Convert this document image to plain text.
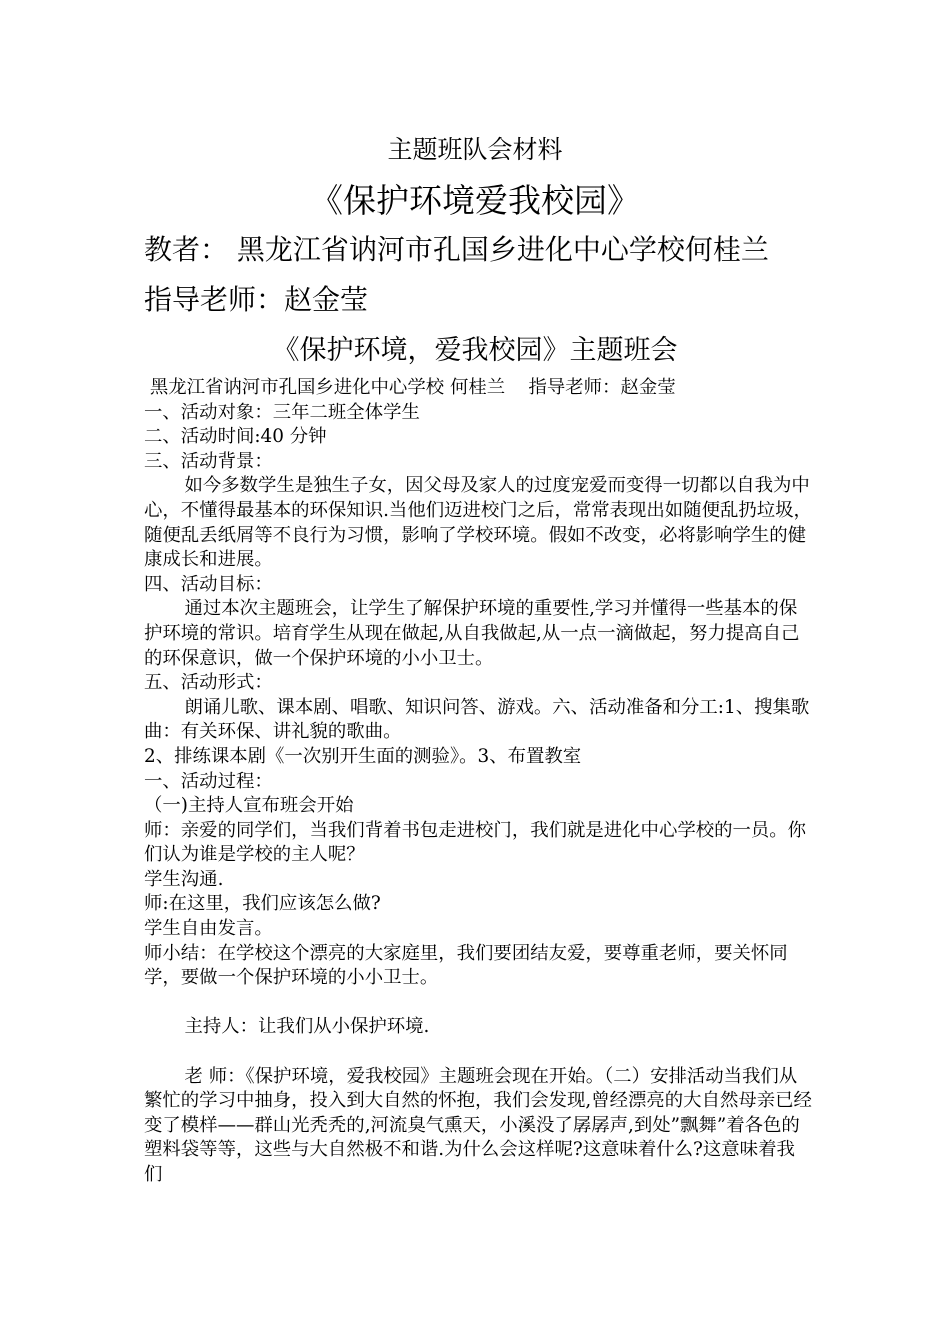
主题班队会材料
《保护环境爱我校园》
教者： 黑龙江省讷河市孔国乡进化中心学校何桂兰
指导老师：赵金莹
《保护环境，爱我校园》主题班会

黑龙江省讷河市孔国乡进化中心学校 何桂兰    指导老师：赵金莹

一、活动对象：三年二班全体学生

二、活动时间:40 分钟

三、活动背景：

如今多数学生是独生子女，因父母及家人的过度宠爱而变得一切都以自我为中心，不懂得最基本的环保知识.当他们迈进校门之后，常常表现出如随便乱扔垃圾，随便乱丢纸屑等不良行为习惯，影响了学校环境。假如不改变，必将影响学生的健康成长和进展。

四、活动目标：

通过本次主题班会，让学生了解保护环境的重要性,学习并懂得一些基本的保护环境的常识。培育学生从现在做起,从自我做起,从一点一滴做起，努力提高自己的环保意识，做一个保护环境的小小卫士。

五、活动形式：

朗诵儿歌、课本剧、唱歌、知识问答、游戏。六、活动准备和分工:1、搜集歌曲：有关环保、讲礼貌的歌曲。

2、排练课本剧《一次别开生面的测验》。3、布置教室

一、活动过程：

（一)主持人宣布班会开始

师：亲爱的同学们，当我们背着书包走进校门，我们就是进化中心学校的一员。你们认为谁是学校的主人呢？

学生沟通.

师:在这里，我们应该怎么做?

学生自由发言。

师小结：在学校这个漂亮的大家庭里，我们要团结友爱，要尊重老师，要关怀同学，要做一个保护环境的小小卫士。

主持人：让我们从小保护环境.

老 师：《保护环境，爱我校园》主题班会现在开始。（二）安排活动当我们从繁忙的学习中抽身，投入到大自然的怀抱，我们会发现,曾经漂亮的大自然母亲已经变了模样——群山光秃秃的,河流臭气熏天，小溪没了孱孱声,到处”飘舞”着各色的塑料袋等等，这些与大自然极不和谐.为什么会这样呢?这意味着什么?这意味着我们
